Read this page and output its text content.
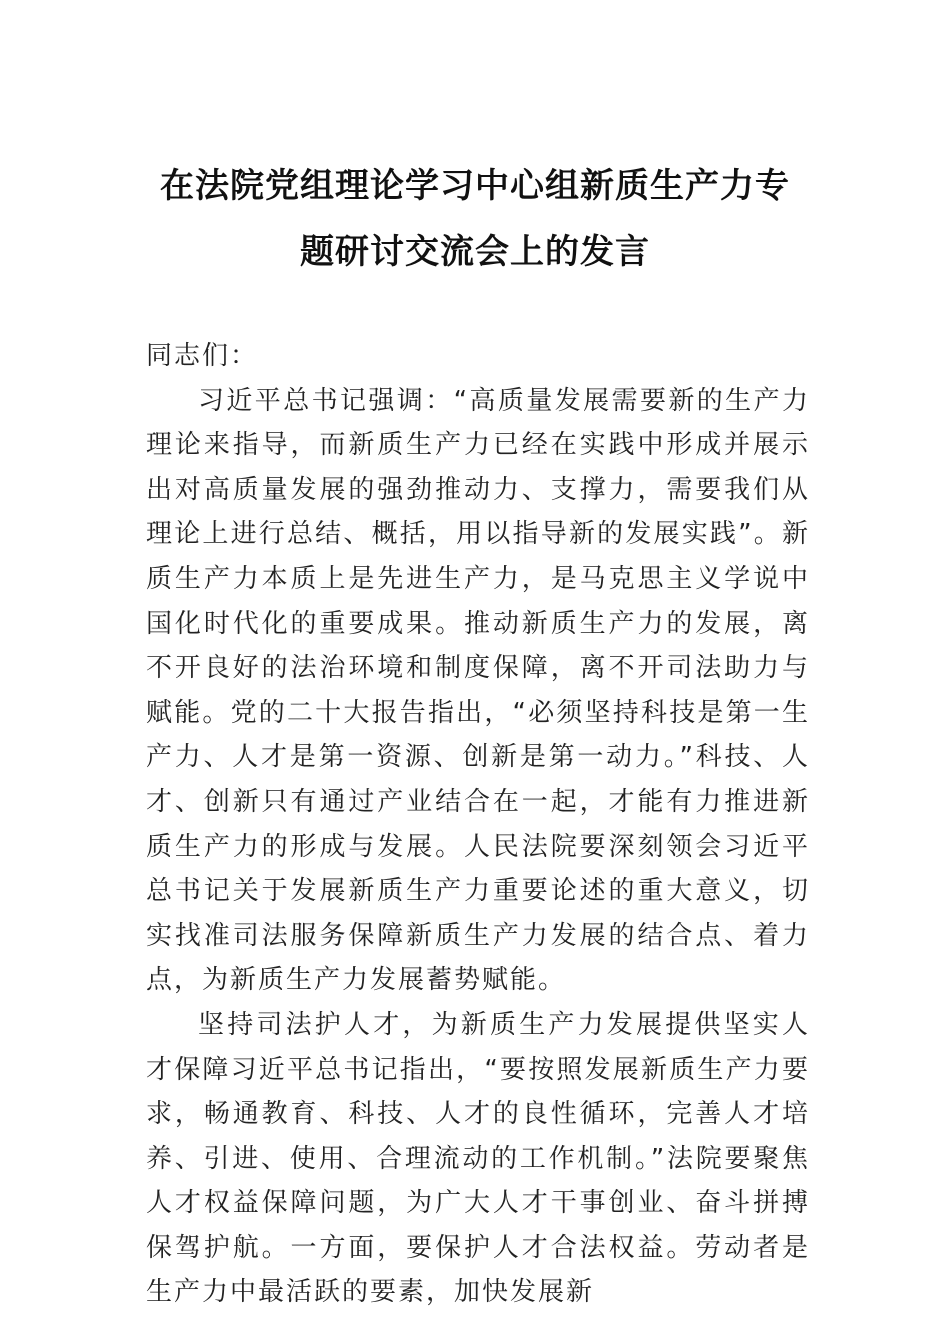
在法院党组理论学习中心组新质生产力专
题研讨交流会上的发言

同志们：

习近平总书记强调：“高质量发展需要新的生产力理论来指导，而新质生产力已经在实践中形成并展示出对高质量发展的强劲推动力、支撑力，需要我们从理论上进行总结、概括，用以指导新的发展实践”。新质生产力本质上是先进生产力，是马克思主义学说中国化时代化的重要成果。推动新质生产力的发展，离不开良好的法治环境和制度保障，离不开司法助力与赋能。党的二十大报告指出，“必须坚持科技是第一生产力、人才是第一资源、创新是第一动力。”科技、人才、创新只有通过产业结合在一起，才能有力推进新质生产力的形成与发展。人民法院要深刻领会习近平总书记关于发展新质生产力重要论述的重大意义，切实找准司法服务保障新质生产力发展的结合点、着力点，为新质生产力发展蓄势赋能。

坚持司法护人才，为新质生产力发展提供坚实人才保障习近平总书记指出，“要按照发展新质生产力要求，畅通教育、科技、人才的良性循环，完善人才培养、引进、使用、合理流动的工作机制。”法院要聚焦人才权益保障问题，为广大人才干事创业、奋斗拼搏保驾护航。一方面，要保护人才合法权益。劳动者是生产力中最活跃的要素，加快发展新
